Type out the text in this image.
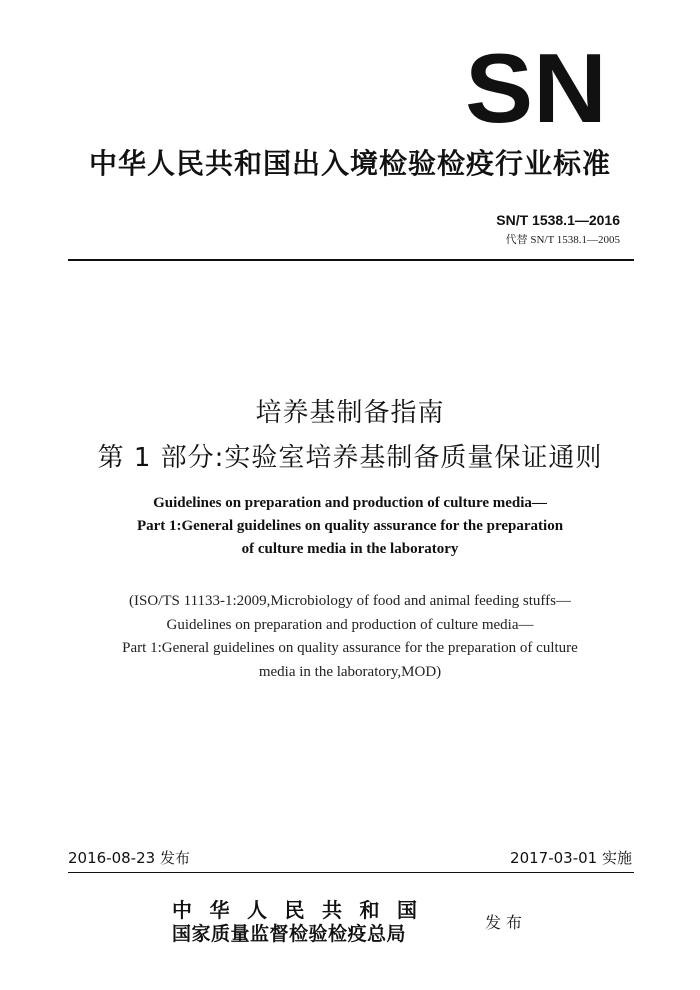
SN
中华人民共和国出入境检验检疫行业标准
SN/T 1538.1—2016
代替 SN/T 1538.1—2005
培养基制备指南
第 1 部分:实验室培养基制备质量保证通则
Guidelines on preparation and production of culture media—
Part 1:General guidelines on quality assurance for the preparation
of culture media in the laboratory
(ISO/TS 11133-1:2009,Microbiology of food and animal feeding stuffs—
Guidelines on preparation and production of culture media—
Part 1:General guidelines on quality assurance for the preparation of culture
media in the laboratory,MOD)
2016-08-23 发布	2017-03-01 实施
中华人民共和国
国家质量监督检验检疫总局
发布
